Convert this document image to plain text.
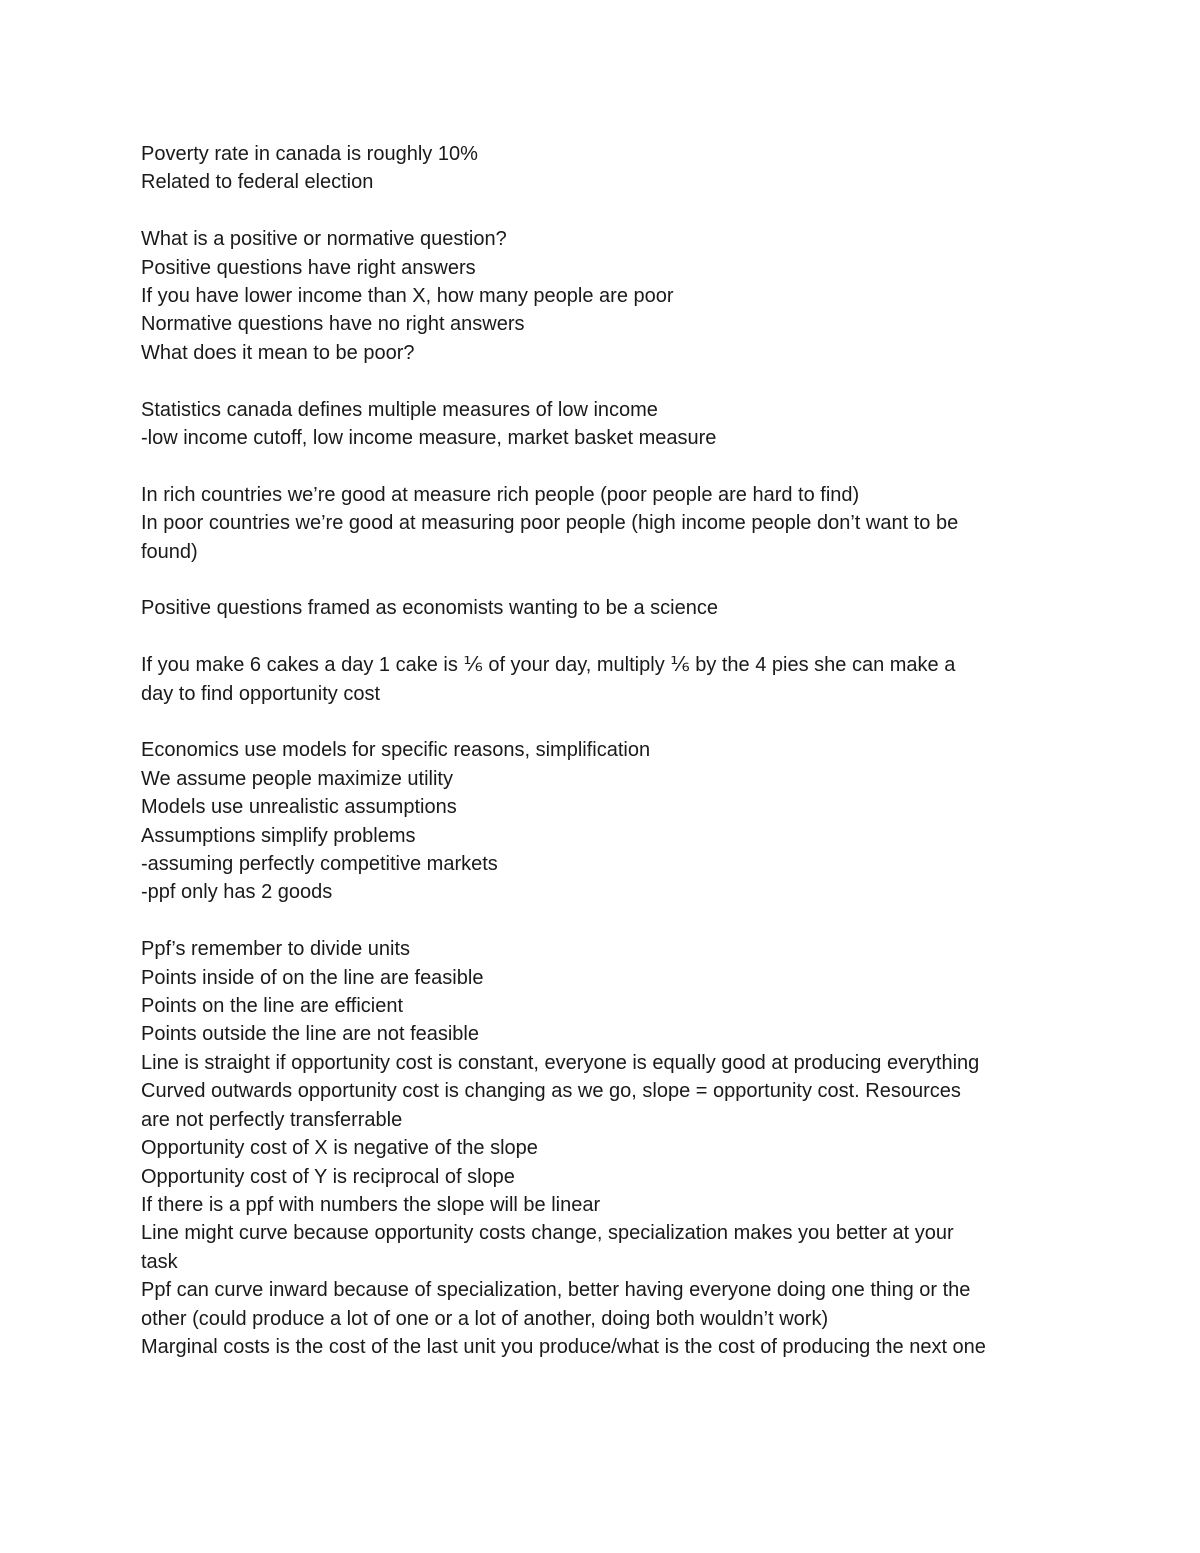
Poverty rate in canada is roughly 10%

Related to federal election

What is a positive or normative question?

Positive questions have right answers

If you have lower income than X, how many people are poor

Normative questions have no right answers

What does it mean to be poor?

Statistics canada defines multiple measures of low income

-low income cutoff, low income measure, market basket measure

In rich countries we’re good at measure rich people (poor people are hard to find)

In poor countries we’re good at measuring poor people (high income people don’t want to be

found)

Positive questions framed as economists wanting to be a science

If you make 6 cakes a day 1 cake is ⅙ of your day, multiply ⅙ by the 4 pies she can make a

day to find opportunity cost

Economics use models for specific reasons, simplification

We assume people maximize utility

Models use unrealistic assumptions

Assumptions simplify problems

-assuming perfectly competitive markets

-ppf only has 2 goods

Ppf’s remember to divide units

Points inside of on the line are feasible

Points on the line are efficient

Points outside the line are not feasible

Line is straight if opportunity cost is constant, everyone is equally good at producing everything

Curved outwards opportunity cost is changing as we go, slope = opportunity cost. Resources

are not perfectly transferrable

Opportunity cost of X is negative of the slope

Opportunity cost of Y is reciprocal of slope

If there is a ppf with numbers the slope will be linear

Line might curve because opportunity costs change, specialization makes you better at your

task

Ppf can curve inward because of specialization, better having everyone doing one thing or the

other (could produce a lot of one or a lot of another, doing both wouldn’t work)

Marginal costs is the cost of the last unit you produce/what is the cost of producing the next one
